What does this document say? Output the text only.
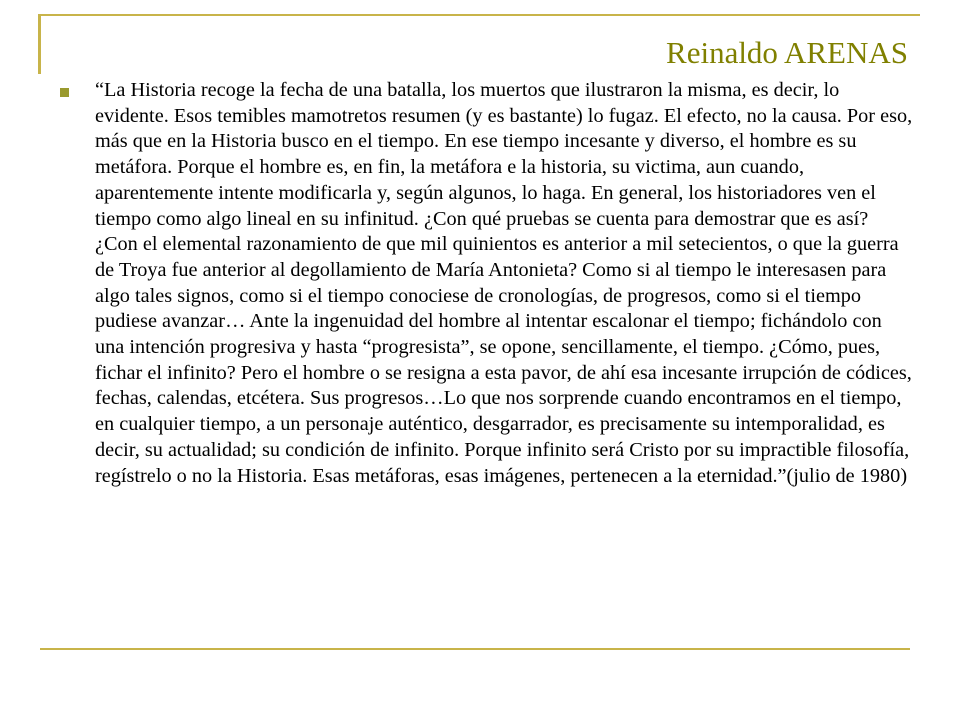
Reinaldo ARENAS

“La Historia recoge la fecha de una batalla, los muertos que ilustraron la misma, es decir, lo evidente. Esos temibles mamotretos resumen (y es bastante) lo fugaz. El efecto, no la causa. Por eso, más que en la Historia busco en el tiempo. En ese tiempo incesante y diverso, el hombre es su metáfora. Porque el hombre es, en fin, la metáfora e la historia, su victima, aun cuando, aparentemente intente modificarla y, según algunos, lo haga. En general, los historiadores ven el tiempo como algo lineal en su infinitud. ¿Con qué pruebas se cuenta para demostrar que es así? ¿Con el elemental razonamiento de que mil quinientos es anterior a mil setecientos, o que la guerra de Troya fue anterior al degollamiento de María Antonieta? Como si al tiempo le interesasen para algo tales signos, como si el tiempo conociese de cronologías, de progresos, como si el tiempo pudiese avanzar… Ante la ingenuidad del hombre al intentar escalonar el tiempo; fichándolo con una intención progresiva y hasta “progresista”, se opone, sencillamente, el tiempo. ¿Cómo, pues, fichar el infinito? Pero el hombre o se resigna a esta pavor, de ahí esa incesante irrupción de códices, fechas, calendas, etcétera. Sus progresos…Lo que nos sorprende cuando encontramos en el tiempo, en cualquier tiempo, a un personaje auténtico, desgarrador, es precisamente su intemporalidad, es decir, su actualidad; su condición de infinito. Porque infinito será Cristo por su impractible filosofía, regístrelo o no la Historia. Esas metáforas, esas imágenes, pertenecen a la eternidad.”(julio de 1980)
